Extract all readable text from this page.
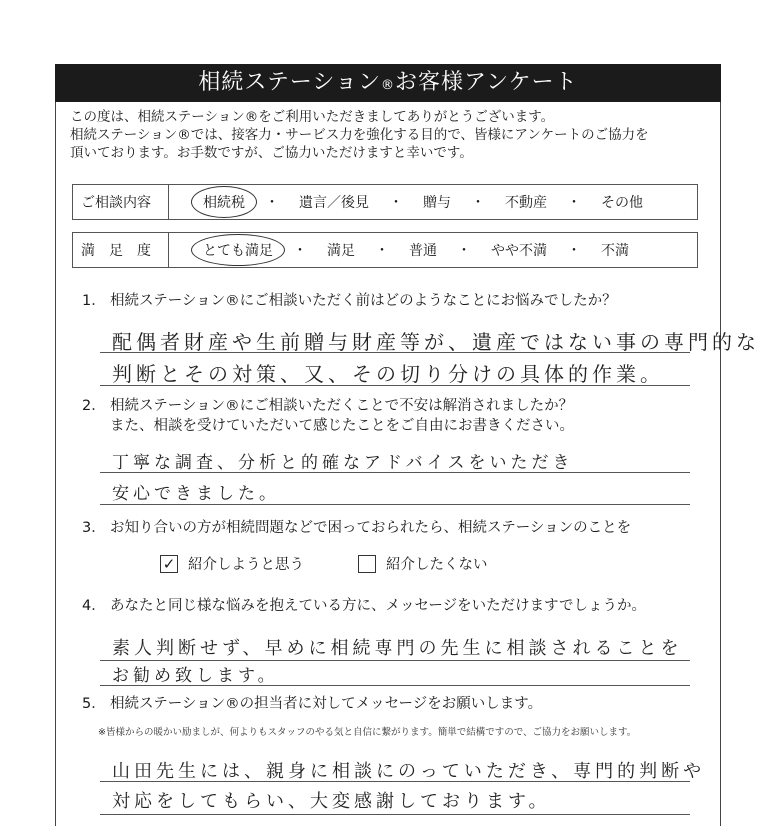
相続ステーション®お客様アンケート
この度は、相続ステーション®をご利用いただきましてありがとうございます。
相続ステーション®では、接客力・サービス力を強化する目的で、皆様にアンケートのご協力を
頂いております。お手数ですが、ご協力いただけますと幸いです。
ご相談内容	相続税	・	遺言／後見	・	贈与	・	不動産	・	その他
満　足　度	とても満足	・	満足	・	普通	・	やや不満	・	不満
1． 相続ステーション®にご相談いただく前はどのようなことにお悩みでしたか？
配偶者財産や生前贈与財産等が、遺産ではない事の専門的な
判断とその対策、又、その切り分けの具体的作業。
2． 相続ステーション®にご相談いただくことで不安は解消されましたか？
また、相談を受けていただいて感じたことをご自由にお書きください。
丁寧な調査、分析と的確なアドバイスをいただき
安心できました。
3． お知り合いの方が相続問題などで困っておられたら、相続ステーションのことを
✓ 紹介しようと思う	紹介したくない
4． あなたと同じ様な悩みを抱えている方に、メッセージをいただけますでしょうか。
素人判断せず、早めに相続専門の先生に相談されることを
お勧め致します。
5． 相続ステーション®の担当者に対してメッセージをお願いします。
※皆様からの暖かい励ましが、何よりもスタッフのやる気と自信に繋がります。簡単で結構ですので、ご協力をお願いします。
山田先生には、親身に相談にのっていただき、専門的判断や
対応をしてもらい、大変感謝しております。
